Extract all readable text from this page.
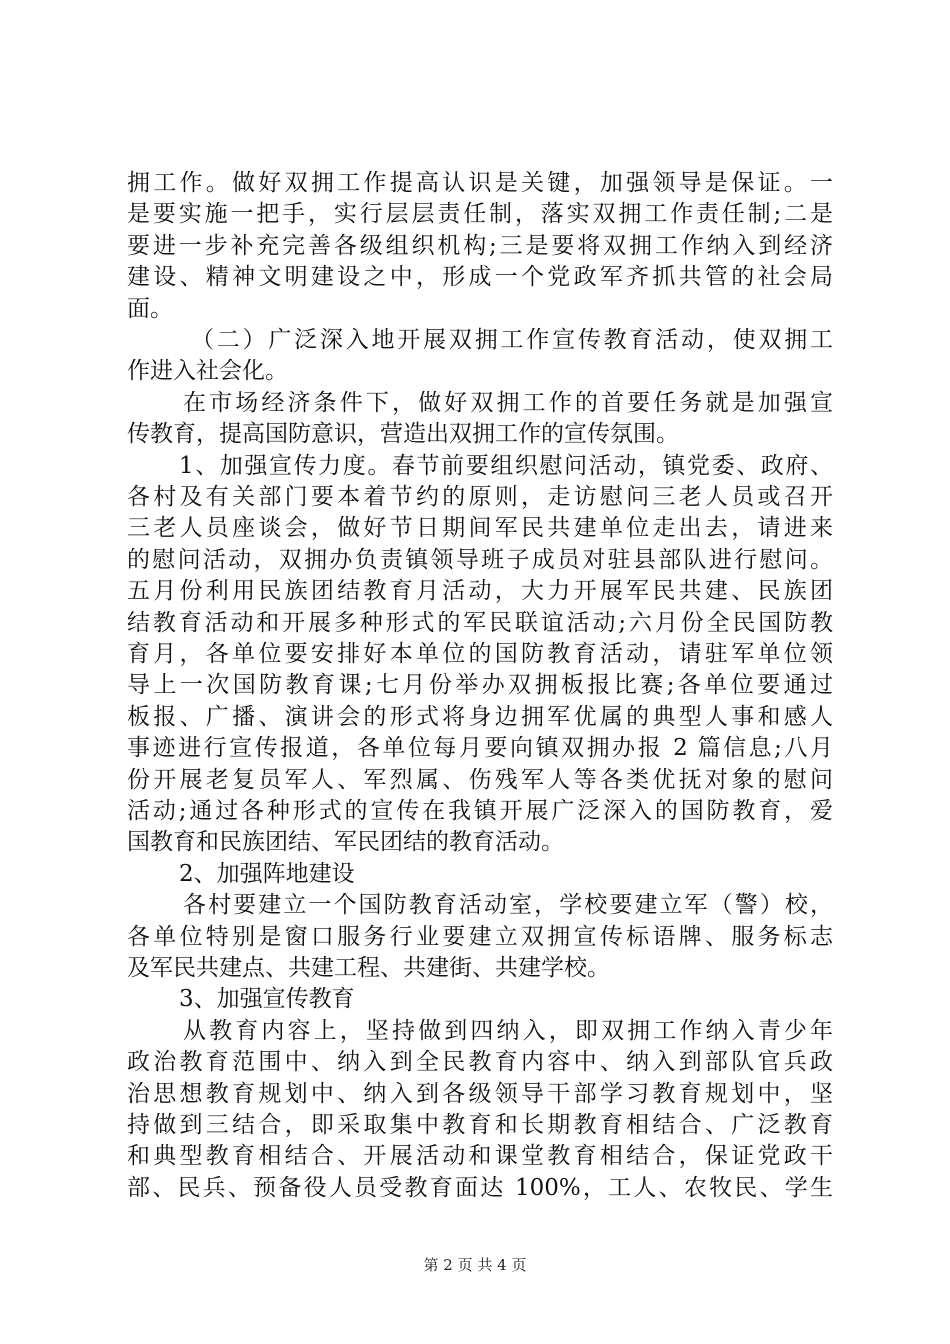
拥工作。做好双拥工作提高认识是关键，加强领导是保证。一
是要实施一把手，实行层层责任制，落实双拥工作责任制;二是
要进一步补充完善各级组织机构;三是要将双拥工作纳入到经济
建设、精神文明建设之中，形成一个党政军齐抓共管的社会局
面。
（二）广泛深入地开展双拥工作宣传教育活动，使双拥工
作进入社会化。
在市场经济条件下，做好双拥工作的首要任务就是加强宣
传教育，提高国防意识，营造出双拥工作的宣传氛围。
1、加强宣传力度。春节前要组织慰问活动，镇党委、政府、
各村及有关部门要本着节约的原则，走访慰问三老人员或召开
三老人员座谈会，做好节日期间军民共建单位走出去，请进来
的慰问活动，双拥办负责镇领导班子成员对驻县部队进行慰问。
五月份利用民族团结教育月活动，大力开展军民共建、民族团
结教育活动和开展多种形式的军民联谊活动;六月份全民国防教
育月，各单位要安排好本单位的国防教育活动，请驻军单位领
导上一次国防教育课;七月份举办双拥板报比赛;各单位要通过
板报、广播、演讲会的形式将身边拥军优属的典型人事和感人
事迹进行宣传报道，各单位每月要向镇双拥办报 2 篇信息;八月
份开展老复员军人、军烈属、伤残军人等各类优抚对象的慰问
活动;通过各种形式的宣传在我镇开展广泛深入的国防教育，爱
国教育和民族团结、军民团结的教育活动。
2、加强阵地建设
各村要建立一个国防教育活动室，学校要建立军（警）校，
各单位特别是窗口服务行业要建立双拥宣传标语牌、服务标志
及军民共建点、共建工程、共建街、共建学校。
3、加强宣传教育
从教育内容上，坚持做到四纳入，即双拥工作纳入青少年
政治教育范围中、纳入到全民教育内容中、纳入到部队官兵政
治思想教育规划中、纳入到各级领导干部学习教育规划中，坚
持做到三结合，即采取集中教育和长期教育相结合、广泛教育
和典型教育相结合、开展活动和课堂教育相结合，保证党政干
部、民兵、预备役人员受教育面达 100%，工人、农牧民、学生
第 2 页 共 4 页
